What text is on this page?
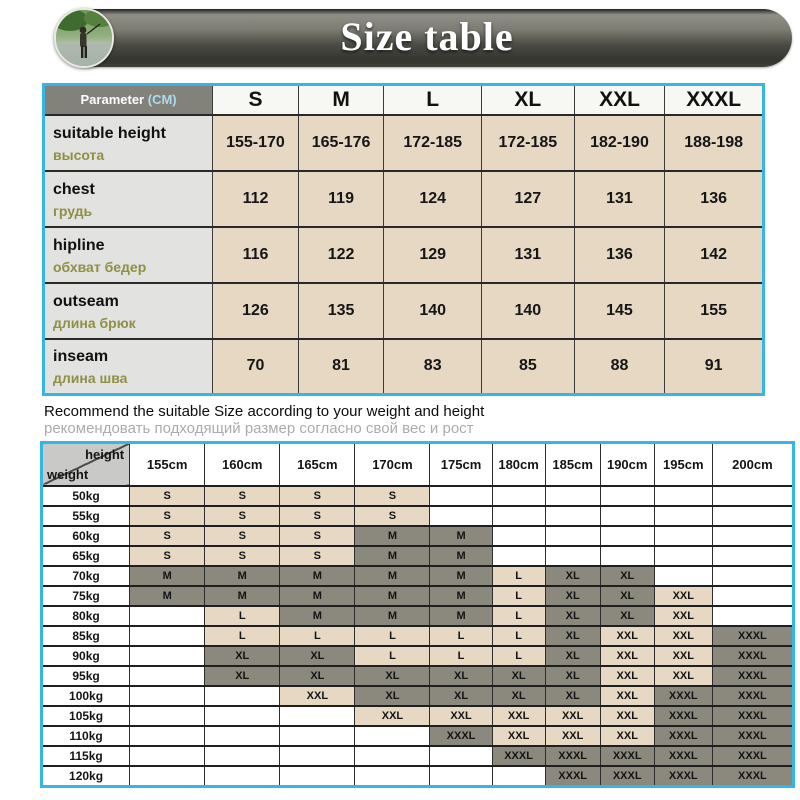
Size table
Parameter (CM)	S	M	L	XL	XXL	XXXL

suitable height
высота	155-170	165-176	172-185	172-185	182-190	188-198

chest
грудь	112	119	124	127	131	136

hipline
обхват бедер	116	122	129	131	136	142

outseam
длина брюк	126	135	140	140	145	155

inseam
длина шва	70	81	83	85	88	91
Recommend the suitable Size according to your weight and height
рекомендовать подходящий размер согласно свой вес и рост
height
weight	155cm	160cm	165cm	170cm	175cm	180cm	185cm	190cm	195cm	200cm
50kg	S	S	S	S						
55kg	S	S	S	S						
60kg	S	S	S	M	M					
65kg	S	S	S	M	M					
70kg	M	M	M	M	M	L	XL	XL		
75kg	M	M	M	M	M	L	XL	XL	XXL	
80kg		L	M	M	M	L	XL	XL	XXL	
85kg		L	L	L	L	L	XL	XXL	XXL	XXXL
90kg		XL	XL	L	L	L	XL	XXL	XXL	XXXL
95kg		XL	XL	XL	XL	XL	XL	XXL	XXL	XXXL
100kg			XXL	XL	XL	XL	XL	XXL	XXXL	XXXL
105kg				XXL	XXL	XXL	XXL	XXL	XXXL	XXXL
110kg					XXXL	XXL	XXL	XXL	XXXL	XXXL
115kg						XXXL	XXXL	XXXL	XXXL	XXXL
120kg							XXXL	XXXL	XXXL	XXXL
